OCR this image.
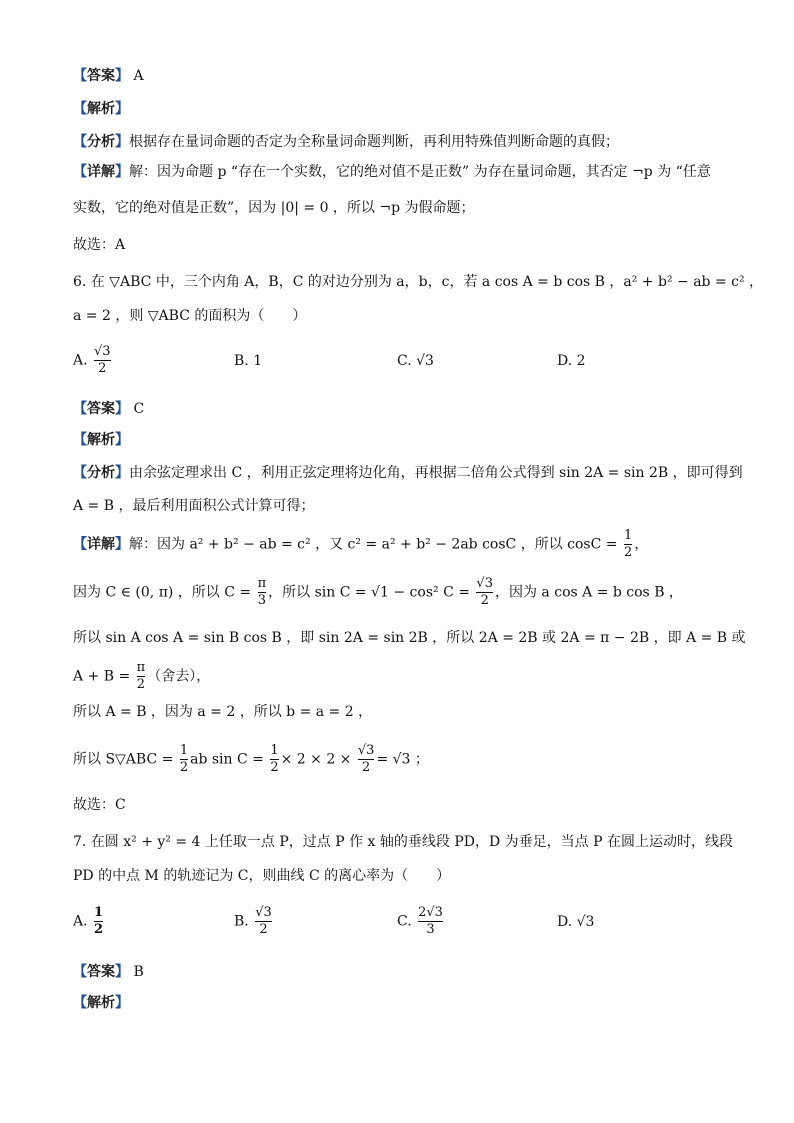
【答案】 A
【解析】
【分析】根据存在量词命题的否定为全称量词命题判断，再利用特殊值判断命题的真假；
【详解】解：因为命题 p “存在一个实数，它的绝对值不是正数” 为存在量词命题，其否定 ¬p 为 “任意
实数，它的绝对值是正数”，因为 |0| = 0 ，所以 ¬p 为假命题；
故选：A
6. 在 ▽ABC 中，三个内角 A，B，C 的对边分别为 a，b，c，若 a cos A = b cos B ，a² + b² − ab = c² ，
a = 2 ，则 ▽ABC 的面积为（　　）
A. $\frac{√3}{2}$	B. 1	C. √3	D. 2
【答案】 C
【解析】
【分析】由余弦定理求出 C ，利用正弦定理将边化角，再根据二倍角公式得到 sin 2A = sin 2B ，即可得到
A = B ，最后利用面积公式计算可得；
【详解】解：因为 a² + b² − ab = c² ，又 c² = a² + b² − 2ab cosC ，所以 $\cos C = \frac{1}{2}$ ，
因为 C ∈ (0, π) ，所以 $C = \frac{\pi}{3}$ ，所以 sin C = √1 − cos² $C = \frac{√3}{2}$ ，因为 a cos A = b cos B ，
所以 sin A cos A = sin B cos B ，即 sin 2A = sin 2B ，所以 2A = 2B 或 2A = π − 2B ，即 A = B 或
$A + B = \frac{\pi}{2}$ （舍去），
所以 A = B ，因为 a = 2 ，所以 b = a = 2 ，
所以 S▽ABC = $\frac{1}{2}$ ab $\sin C = \frac{1}{2} \times 2 \times 2 \times \frac{√3}{2} = √3$ ；
故选：C
7. 在圆 x² + y² = 4 上任取一点 P，过点 P 作 x 轴的垂线段 PD，D 为垂足，当点 P 在圆上运动时，线段
PD 的中点 M 的轨迹记为 C，则曲线 C 的离心率为（　　）
A. $\frac{1}{2}$	B. $\frac{√3}{2}$	C. $\frac{2√3}{3}$	D. √3
【答案】 B
【解析】
